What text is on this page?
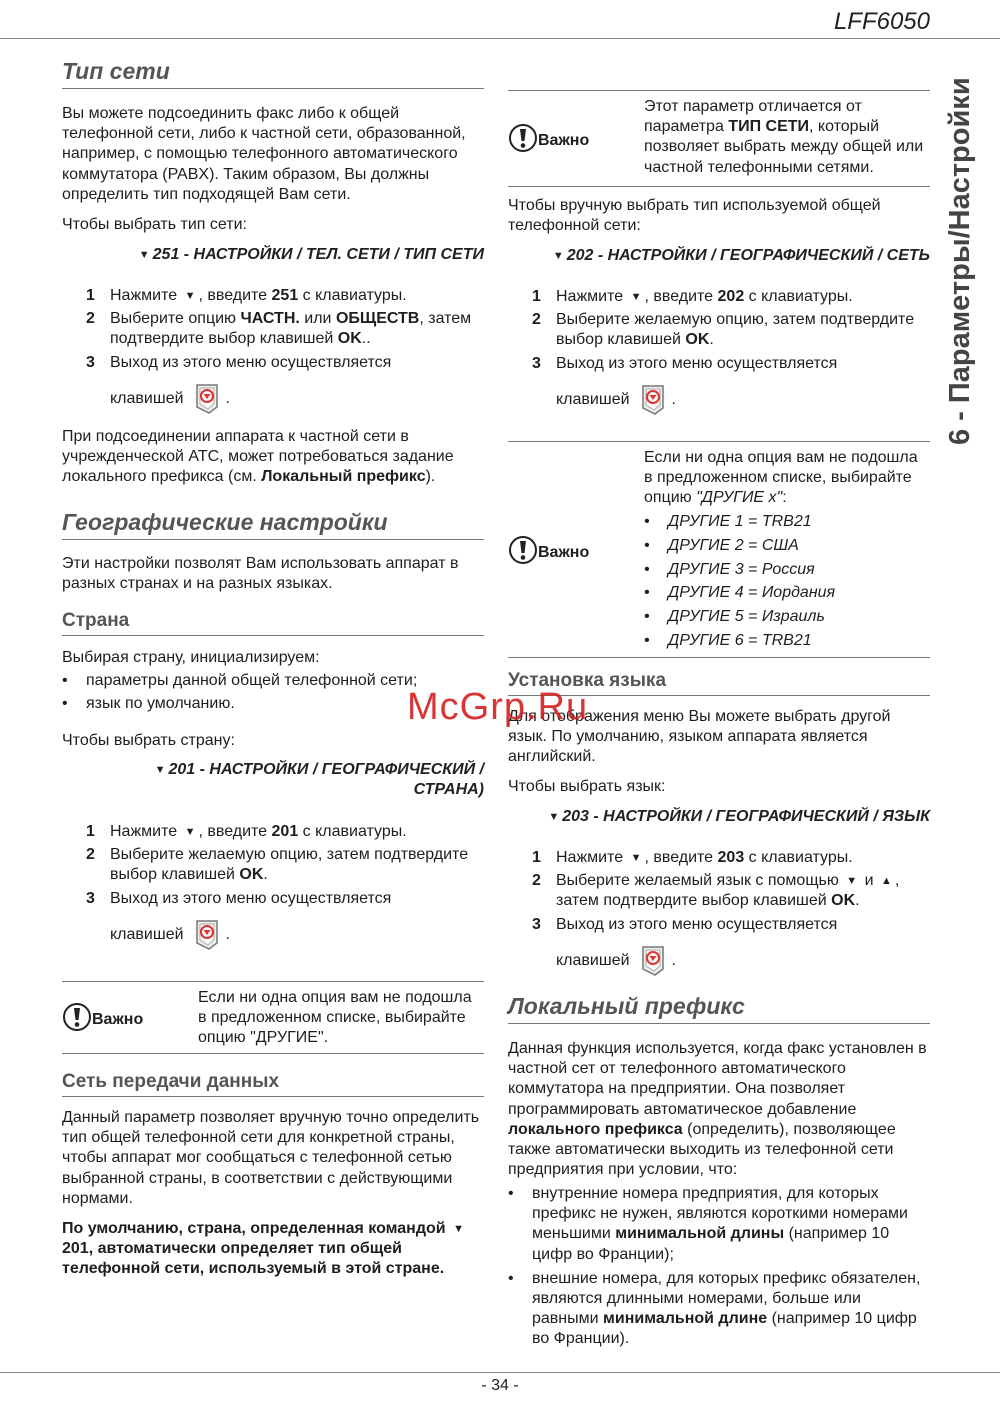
LFF6050
6 - Параметры/Настройки
Тип сети
Вы можете подсоединить факс либо к общей телефонной сети, либо к частной сети, образованной, например, с помощью телефонного автоматического коммутатора (PABX). Таким образом, Вы должны определить тип подходящей Вам сети.
Чтобы выбрать тип сети:
▼ 251 - НАСТРОЙКИ / ТЕЛ. СЕТИ / ТИП СЕТИ
1 Нажмите ▼ , введите 251 с клавиатуры.
2 Выберите опцию ЧАСТН. или ОБЩЕСТВ, затем подтвердите выбор клавишей OK..
3 Выход из этого меню осуществляется
клавишей	.
При подсоединении аппарата к частной сети в учрежденческой АТС, может потребоваться задание локального префикса (см. Локальный префикс).
Географические настройки
Эти настройки позволят Вам использовать аппарат в разных странах и на разных языках.
Страна
Выбирая страну, инициализируем:
• параметры данной общей телефонной сети;
• язык по умолчанию.
Чтобы выбрать страну:
▼ 201 - НАСТРОЙКИ / ГЕОГРАФИЧЕСКИЙ / СТРАНА)
1 Нажмите ▼ , введите 201 с клавиатуры.
2 Выберите желаемую опцию, затем подтвердите выбор клавишей OK.
3 Выход из этого меню осуществляется
клавишей	.
Важно
Если ни одна опция вам не подошла в предложенном списке, выбирайте опцию "ДРУГИЕ".
Сеть передачи данных
Данный параметр позволяет вручную точно определить тип общей телефонной сети для конкретной страны, чтобы аппарат мог сообщаться с телефонной сетью выбранной страны, в соответствии с действующими нормами.
По умолчанию, страна, определенная командой ▼201, автоматически определяет тип общей телефонной сети, используемый в этой стране.
Важно
Этот параметр отличается от параметра ТИП СЕТИ, который позволяет выбрать между общей или частной телефонными сетями.
Чтобы вручную выбрать тип используемой общей телефонной сети:
▼ 202 - НАСТРОЙКИ / ГЕОГРАФИЧЕСКИЙ / СЕТЬ
1 Нажмите ▼ , введите 202 с клавиатуры.
2 Выберите желаемую опцию, затем подтвердите выбор клавишей OK.
3 Выход из этого меню осуществляется
клавишей	.
Важно
Если ни одна опция вам не подошла в предложенном списке, выбирайте опцию "ДРУГИЕ x":
• ДРУГИЕ 1 = TRB21
• ДРУГИЕ 2 = США
• ДРУГИЕ 3 = Россия
• ДРУГИЕ 4 = Иордания
• ДРУГИЕ 5 = Израиль
• ДРУГИЕ 6 = TRB21
Установка языка
Для отображения меню Вы можете выбрать другой язык. По умолчанию, языком аппарата является английский.
Чтобы выбрать язык:
▼ 203 - НАСТРОЙКИ / ГЕОГРАФИЧЕСКИЙ / ЯЗЫК
1 Нажмите ▼ , введите 203 с клавиатуры.
2 Выберите желаемый язык с помощью ▼ и ▲ , затем подтвердите выбор клавишей OK.
3 Выход из этого меню осуществляется
клавишей	.
Локальный префикс
Данная функция используется, когда факс установлен в частной сет от телефонного автоматического коммутатора на предприятии. Она позволяет программировать автоматическое добавление локального префикса (определить), позволяющее также автоматически выходить из телефонной сети предприятия при условии, что:
• внутренние номера предприятия, для которых префикс не нужен, являются короткими номерами меньшими минимальной длины (например 10 цифр во Франции);
• внешние номера, для которых префикс обязателен, являются длинными номерами, больше или равными минимальной длине (например 10 цифр во Франции).
McGrp.Ru
- 34 -
